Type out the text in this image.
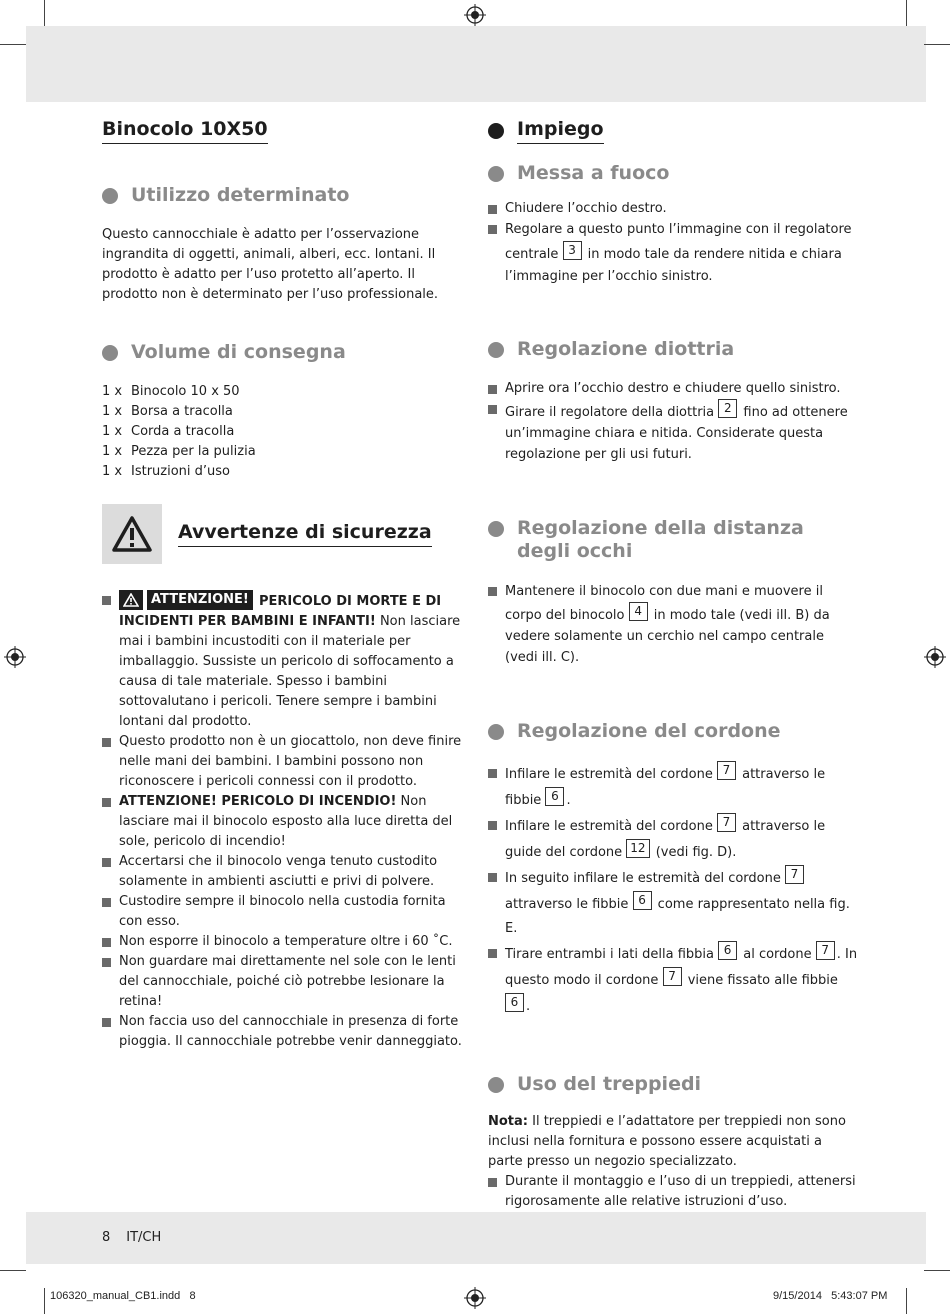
Binocolo 10X50
Utilizzo determinato

Questo cannocchiale è adatto per l’osservazione ingrandita di oggetti, animali, alberi, ecc. lontani. Il prodotto è adatto per l’uso protetto all’aperto. Il prodotto non è determinato per l’uso professionale.

Volume di consegna
1 x Binocolo 10 x 50
1 x Borsa a tracolla
1 x Corda a tracolla
1 x Pezza per la pulizia
1 x Istruzioni d’uso
Avvertenze di sicurezza
ATTENZIONE! PERICOLO DI MORTE E DI INCIDENTI PER BAMBINI E INFANTI! Non lasciare mai i bambini incustoditi con il materiale per imballaggio. Sussiste un pericolo di soffocamento a causa di tale materiale. Spesso i bambini sottovalutano i pericoli. Tenere sempre i bambini lontani dal prodotto.
Questo prodotto non è un giocattolo, non deve finire nelle mani dei bambini. I bambini possono non riconoscere i pericoli connessi con il prodotto.
ATTENZIONE! PERICOLO DI INCENDIO! Non lasciare mai il binocolo esposto alla luce diretta del sole, pericolo di incendio!
Accertarsi che il binocolo venga tenuto custodito solamente in ambienti asciutti e privi di polvere.
Custodire sempre il binocolo nella custodia fornita con esso.
Non esporre il binocolo a temperature oltre i 60 ˚C.
Non guardare mai direttamente nel sole con le lenti del cannocchiale, poiché ciò potrebbe lesionare la retina!
Non faccia uso del cannocchiale in presenza di forte pioggia. Il cannocchiale potrebbe venir danneggiato.
Impiego
Messa a fuoco
Chiudere l’occhio destro.
Regolare a questo punto l’immagine con il regolatore centrale 3 in modo tale da rendere nitida e chiara l’immagine per l’occhio sinistro.
Regolazione diottria
Aprire ora l’occhio destro e chiudere quello sinistro.
Girare il regolatore della diottria 2 fino ad ottenere un’immagine chiara e nitida. Considerate questa regolazione per gli usi futuri.
Regolazione della distanza
degli occhi
Mantenere il binocolo con due mani e muovere il corpo del binocolo 4 in modo tale (vedi ill. B) da vedere solamente un cerchio nel campo centrale (vedi ill. C).
Regolazione del cordone
Infilare le estremità del cordone 7 attraverso le fibbie 6 .
Infilare le estremità del cordone 7 attraverso le guide del cordone 12 (vedi fig. D).
In seguito infilare le estremità del cordone 7 attraverso le fibbie 6 come rappresentato nella fig. E.
Tirare entrambi i lati della fibbia 6 al cordone 7 . In questo modo il cordone 7 viene fissato alle fibbie 6 .
Uso del treppiedi

Nota: Il treppiedi e l’adattatore per treppiedi non sono inclusi nella fornitura e possono essere acquistati a parte presso un negozio specializzato.

Durante il montaggio e l’uso di un treppiedi, attenersi rigorosamente alle relative istruzioni d’uso.
8 IT/CH
106320_manual_CB1.indd   8	9/15/2014   5:43:07 PM
